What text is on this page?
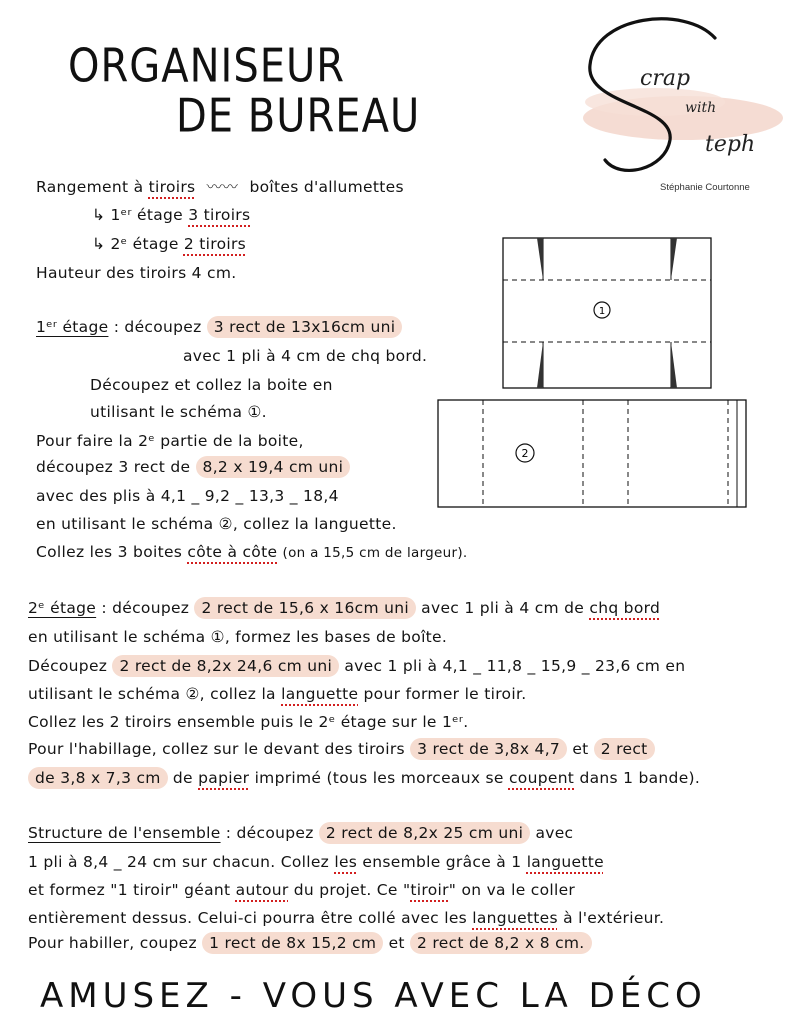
ORGANISEUR
DE BUREAU
crap
with
teph
Stéphanie Courtonne
Rangement à tiroirs 〰〰 boîtes d'allumettes
↳ 1ᵉʳ étage 3 tiroirs
↳ 2ᵉ étage 2 tiroirs
Hauteur des tiroirs 4 cm.
1
2
1ᵉʳ étage : découpez 3 rect de 13x16cm uni
avec 1 pli à 4 cm de chq bord.
Découpez et collez la boite en
utilisant le schéma ①.
Pour faire la 2ᵉ partie de la boite,
découpez 3 rect de 8,2 x 19,4 cm uni
avec des plis à 4,1 _ 9,2 _ 13,3 _ 18,4
en utilisant le schéma ②, collez la languette.
Collez les 3 boites côte à côte (on a 15,5 cm de largeur).
2ᵉ étage : découpez 2 rect de 15,6 x 16cm uni avec 1 pli à 4 cm de chq bord
en utilisant le schéma ①, formez les bases de boîte.
Découpez 2 rect de 8,2x 24,6 cm uni avec 1 pli à 4,1 _ 11,8 _ 15,9 _ 23,6 cm en
utilisant le schéma ②, collez la languette pour former le tiroir.
Collez les 2 tiroirs ensemble puis le 2ᵉ étage sur le 1ᵉʳ.
Pour l'habillage, collez sur le devant des tiroirs 3 rect de 3,8x 4,7 et 2 rect
de 3,8 x 7,3 cm de papier imprimé (tous les morceaux se coupent dans 1 bande).
Structure de l'ensemble : découpez 2 rect de 8,2x 25 cm uni avec
1 pli à 8,4 _ 24 cm sur chacun. Collez les ensemble grâce à 1 languette
et formez "1 tiroir" géant autour du projet. Ce "tiroir" on va le coller
entièrement dessus. Celui-ci pourra être collé avec les languettes à l'extérieur.
Pour habiller, coupez 1 rect de 8x 15,2 cm et 2 rect de 8,2 x 8 cm.
AMUSEZ - VOUS AVEC LA DÉCO
